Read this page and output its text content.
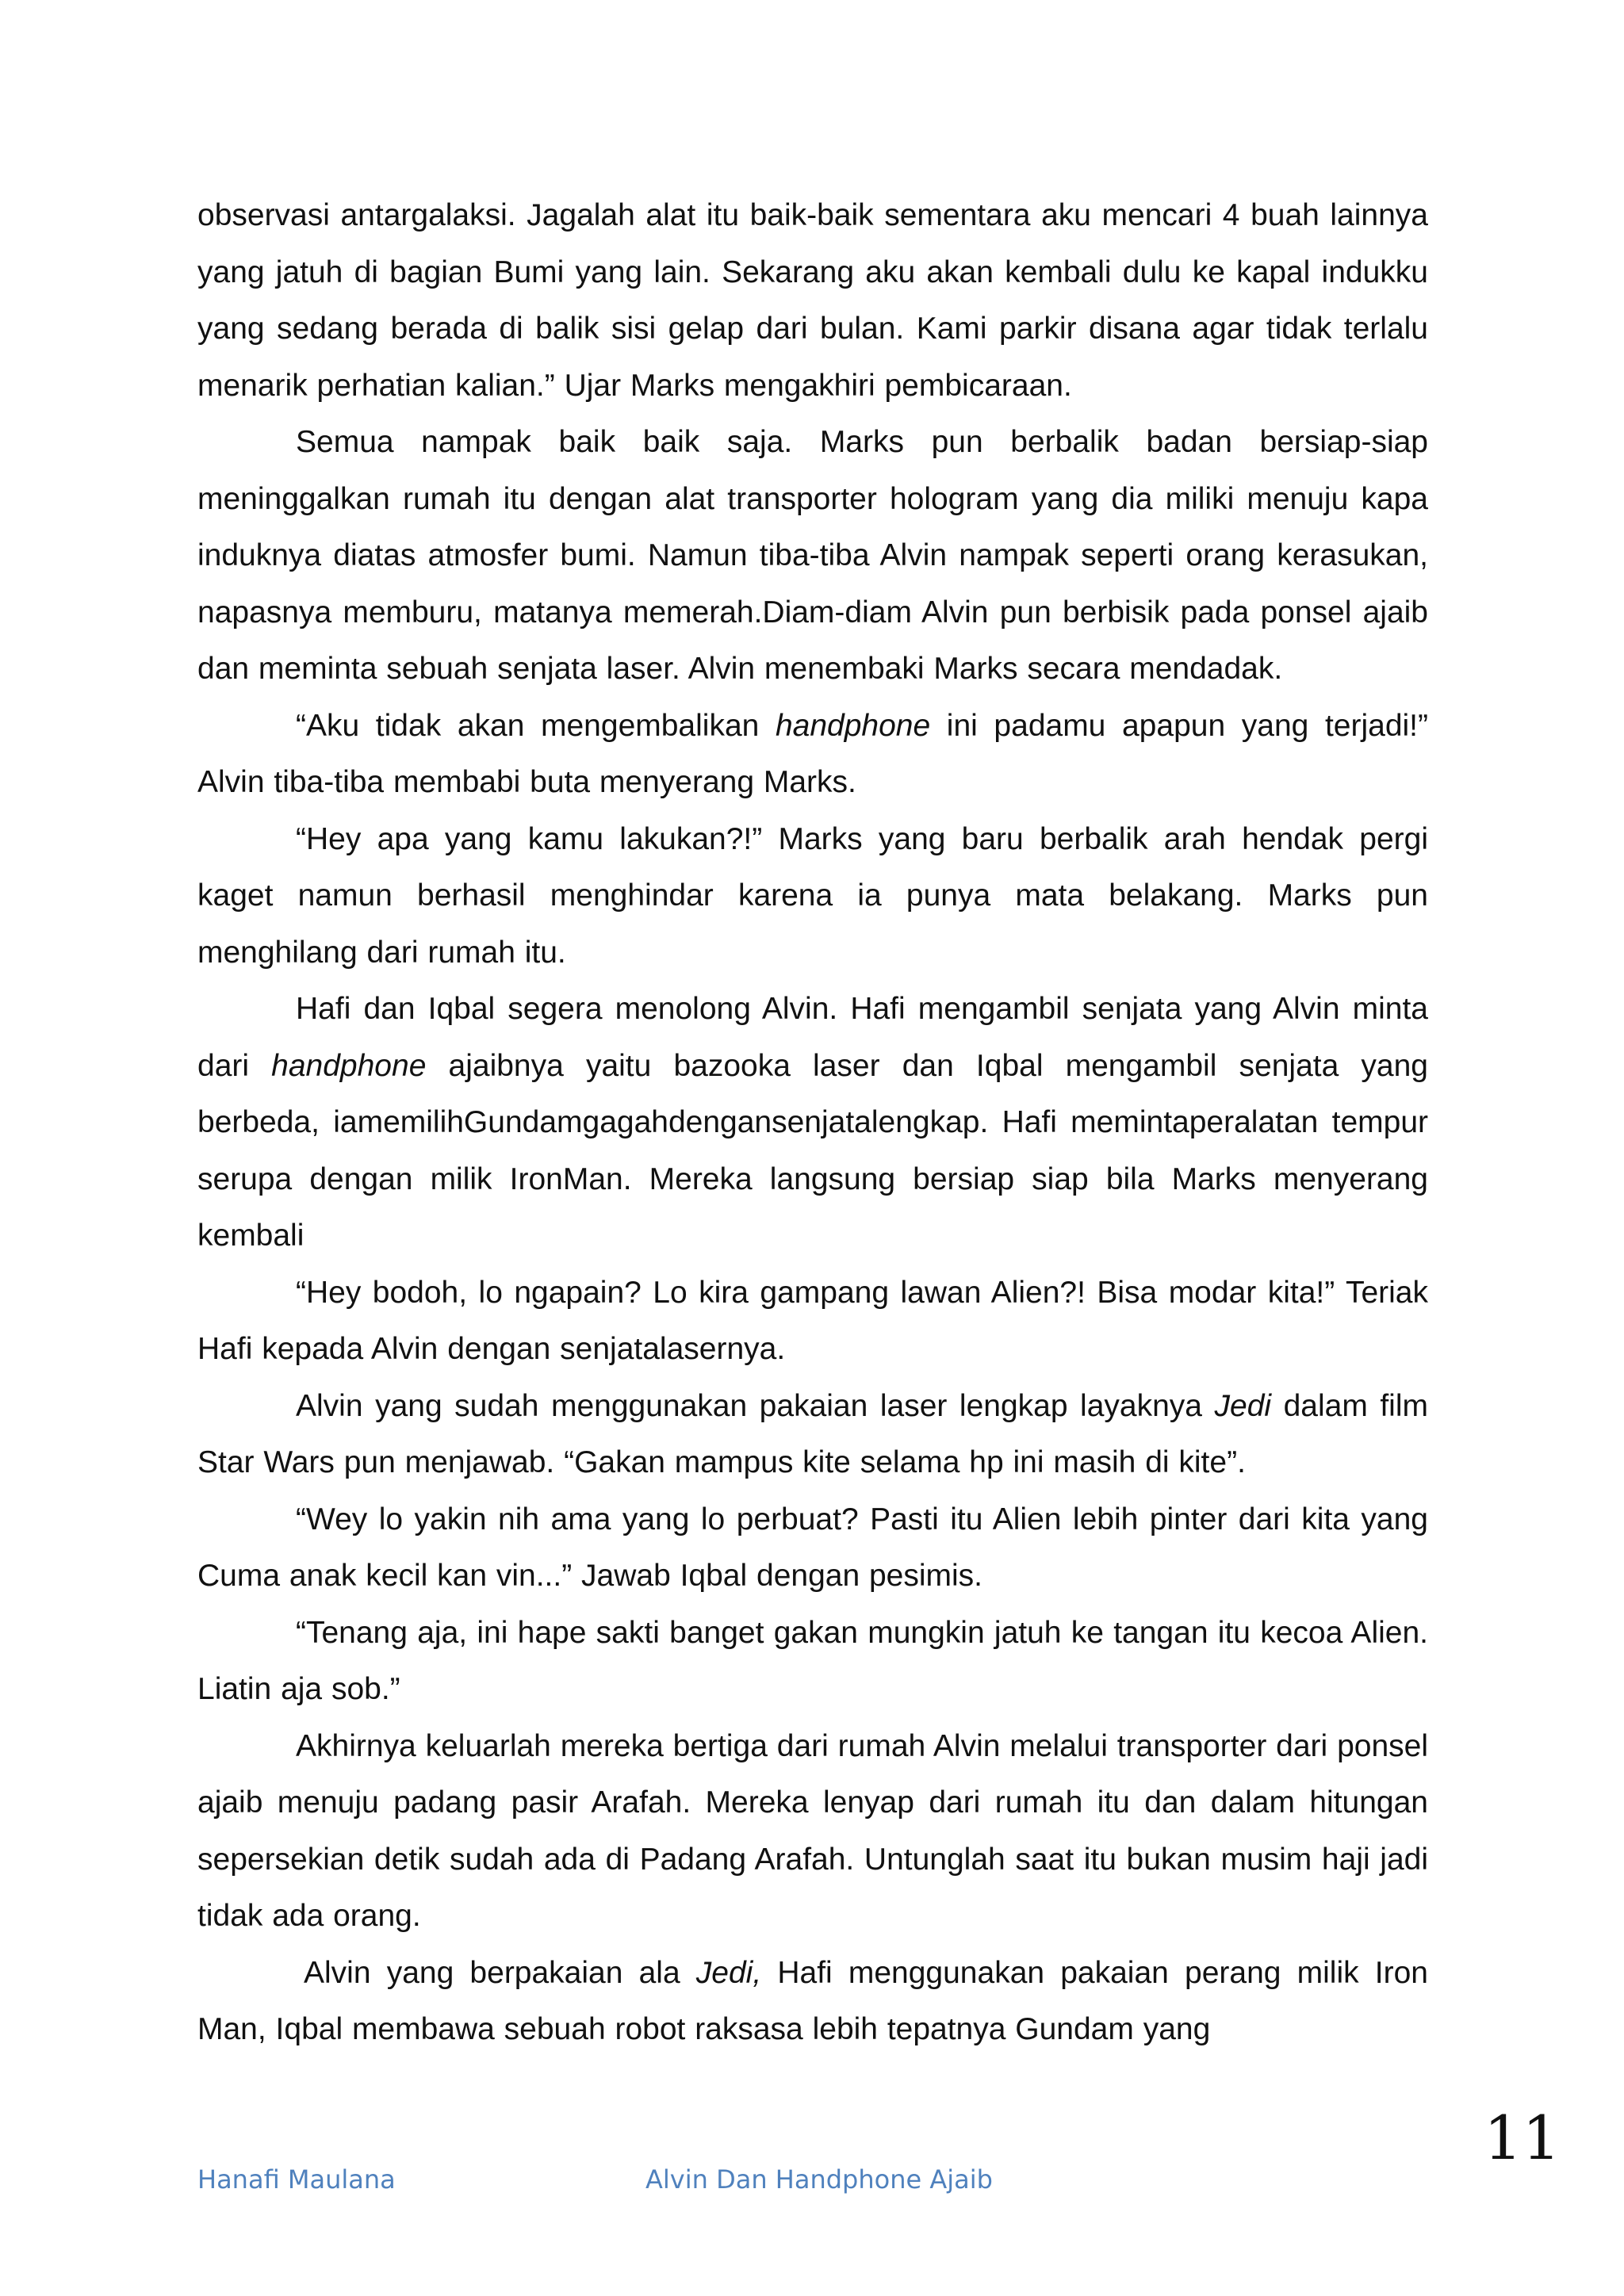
observasi antargalaksi. Jagalah alat itu baik-baik sementara aku mencari 4 buah lainnya yang jatuh di bagian Bumi yang lain. Sekarang aku akan kembali dulu ke kapal indukku yang sedang berada di balik sisi gelap dari bulan. Kami parkir disana agar tidak terlalu menarik perhatian kalian.” Ujar Marks mengakhiri pembicaraan.

Semua nampak baik baik saja. Marks pun berbalik badan bersiap-siap meninggalkan rumah itu dengan alat transporter hologram yang dia miliki menuju kapa induknya diatas atmosfer bumi. Namun tiba-tiba Alvin nampak seperti orang kerasukan, napasnya memburu, matanya memerah.Diam-diam Alvin pun berbisik pada ponsel ajaib dan meminta sebuah senjata laser. Alvin menembaki Marks secara mendadak.

“Aku tidak akan mengembalikan handphone ini padamu apapun yang terjadi!” Alvin tiba-tiba membabi buta menyerang Marks.

“Hey apa yang kamu lakukan?!” Marks yang baru berbalik arah hendak pergi kaget namun berhasil menghindar karena ia punya mata belakang. Marks pun menghilang dari rumah itu.

Hafi dan Iqbal segera menolong Alvin. Hafi mengambil senjata yang Alvin minta dari handphone ajaibnya yaitu bazooka laser dan Iqbal mengambil senjata yang berbeda, iamemilihGundamgagahdengansenjatalengkap. Hafi memintaperalatan tempur serupa dengan milik IronMan. Mereka langsung bersiap siap bila Marks menyerang kembali

“Hey bodoh, lo ngapain? Lo kira gampang lawan Alien?! Bisa modar kita!” Teriak Hafi kepada Alvin dengan senjatalasernya.

Alvin yang sudah menggunakan pakaian laser lengkap layaknya Jedi dalam film Star Wars pun menjawab. “Gakan mampus kite selama hp ini masih di kite”.

“Wey lo yakin nih ama yang lo perbuat? Pasti itu Alien lebih pinter dari kita yang Cuma anak kecil kan vin...” Jawab Iqbal dengan pesimis.

“Tenang aja, ini hape sakti banget gakan mungkin jatuh ke tangan itu kecoa Alien. Liatin aja sob.”

Akhirnya keluarlah mereka bertiga dari rumah Alvin melalui transporter dari ponsel ajaib menuju padang pasir Arafah. Mereka lenyap dari rumah itu dan dalam hitungan sepersekian detik sudah ada di Padang Arafah. Untunglah saat itu bukan musim haji jadi tidak ada orang.

Alvin yang berpakaian ala Jedi, Hafi menggunakan pakaian perang milik Iron Man, Iqbal membawa sebuah robot raksasa lebih tepatnya Gundam yang

Hanafi Maulana	Alvin Dan Handphone Ajaib
11
